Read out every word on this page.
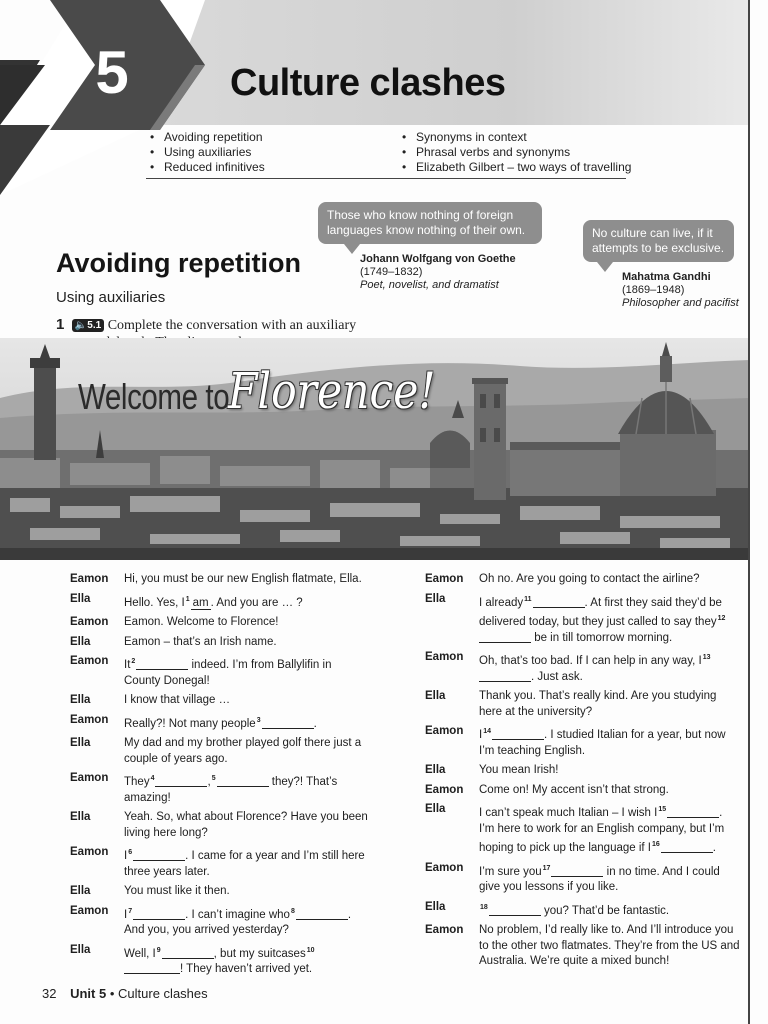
5	Culture clashes
• Avoiding repetition
• Using auxiliaries
• Reduced infinitives
• Synonyms in context
• Phrasal verbs and synonyms
• Elizabeth Gilbert – two ways of travelling
Those who know nothing of foreign languages know nothing of their own.
Johann Wolfgang von Goethe
(1749–1832)
Poet, novelist, and dramatist
No culture can live, if it attempts to be exclusive.
Mahatma Gandhi
(1869–1948)
Philosopher and pacifist
Avoiding repetition
Using auxiliaries
1 🔈5.1 Complete the conversation with an auxiliary
Welcome to
Florence!
Eamon	Hi, you must be our new English flatmate, Ella.
Ella	Hello. Yes, $I^1$ am . And you are … ?
Eamon	Eamon. Welcome to Florence!
Ella	Eamon – that’s an Irish name.
Eamon	It$^2$	indeed. I’m from Ballylifin in County Donegal!
Ella	I know that village …
Eamon	Really?! Not many people$^3$	.
Ella	My dad and my brother played golf there just a couple of years ago.
Eamon	They$^4$	,$^5$	they?! That’s amazing!
Ella	Yeah. So, what about Florence? Have you been living here long?
Eamon	$I^6$	. I came for a year and I’m still here three years later.
Ella	You must like it then.
Eamon	$I^7$	. I can’t imagine who$^8$	. And you, you arrived yesterday?
Ella	Well, $I^9$	, but my suitcases$^{10}$! They haven’t arrived yet.
Eamon	Oh no. Are you going to contact the airline?
Ella	I already$^{11}$	. At first they said they’d be delivered today, but they just called to say they$^{12}$ be in till tomorrow morning.
Eamon	Oh, that’s too bad. If I can help in any way, $I^{13}$. Just ask.
Ella	Thank you. That’s really kind. Are you studying here at the university?
Eamon	$I^{14}$	. I studied Italian for a year, but now I’m teaching English.
Ella	You mean Irish!
Eamon	Come on! My accent isn’t that strong.
Ella	I can’t speak much Italian – I wish $I^{15}$	. I’m here to work for an English company, but I’m hoping to pick up the language if $I^{16}$	.
Eamon	I’m sure you$^{17}$	in no time. And I could give you lessons if you like.
Ella	$^{18}$	you? That’d be fantastic.
Eamon	No problem, I’d really like to. And I’ll introduce you to the other two flatmates. They’re from the US and Australia. We’re quite a mixed bunch!
32 Unit 5 • Culture clashes
